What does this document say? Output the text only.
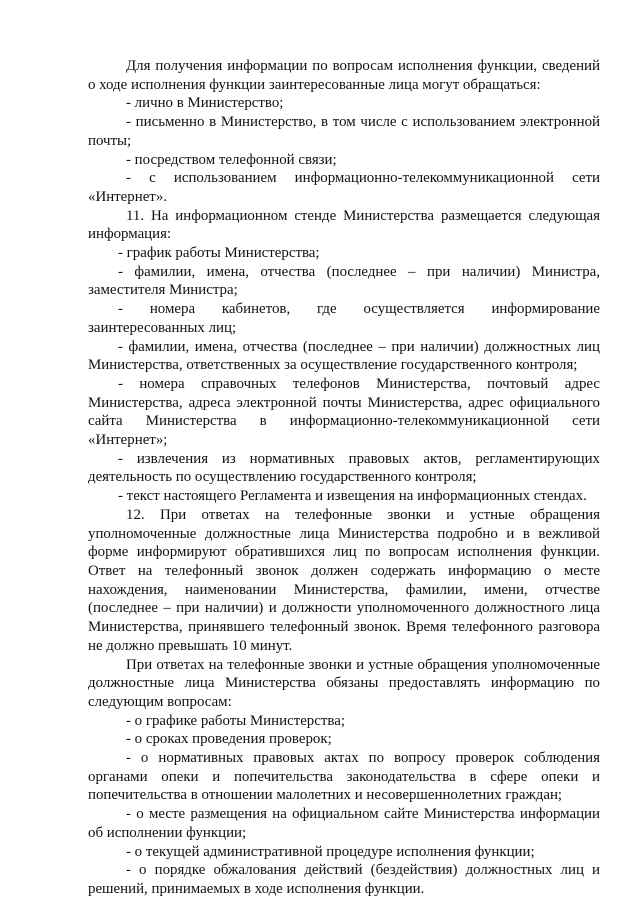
Для получения информации по вопросам исполнения функции, сведений о ходе исполнения функции заинтересованные лица могут обращаться:

- лично в Министерство;

- письменно в Министерство, в том числе с использованием электронной почты;

- посредством телефонной связи;

- с использованием информационно-телекоммуникационной сети «Интернет».

11. На информационном стенде Министерства размещается следующая информация:

- график работы Министерства;

- фамилии, имена, отчества (последнее – при наличии) Министра, заместителя Министра;

- номера кабинетов, где осуществляется информирование заинтересованных лиц;

- фамилии, имена, отчества (последнее – при наличии) должностных лиц Министерства, ответственных за осуществление государственного контроля;

- номера справочных телефонов Министерства, почтовый адрес Министерства, адреса электронной почты Министерства, адрес официального сайта Министерства в информационно-телекоммуникационной сети «Интернет»;

- извлечения из нормативных правовых актов, регламентирующих деятельность по осуществлению государственного контроля;

- текст настоящего Регламента и извещения на информационных стендах.

12. При ответах на телефонные звонки и устные обращения уполномоченные должностные лица Министерства подробно и в вежливой форме информируют обратившихся лиц по вопросам исполнения функции. Ответ на телефонный звонок должен содержать информацию о месте нахождения, наименовании Министерства, фамилии, имени, отчестве (последнее – при наличии) и должности уполномоченного должностного лица Министерства, принявшего телефонный звонок. Время телефонного разговора не должно превышать 10 минут.

При ответах на телефонные звонки и устные обращения уполномоченные должностные лица Министерства обязаны предоставлять информацию по следующим вопросам:

- о графике работы Министерства;

- о сроках проведения проверок;

- о нормативных правовых актах по вопросу проверок соблюдения органами опеки и попечительства законодательства в сфере опеки и попечительства в отношении малолетних и несовершеннолетних граждан;

- о месте размещения на официальном сайте Министерства информации об исполнении функции;

- о текущей административной процедуре исполнения функции;

- о порядке обжалования действий (бездействия) должностных лиц и решений, принимаемых в ходе исполнения функции.
